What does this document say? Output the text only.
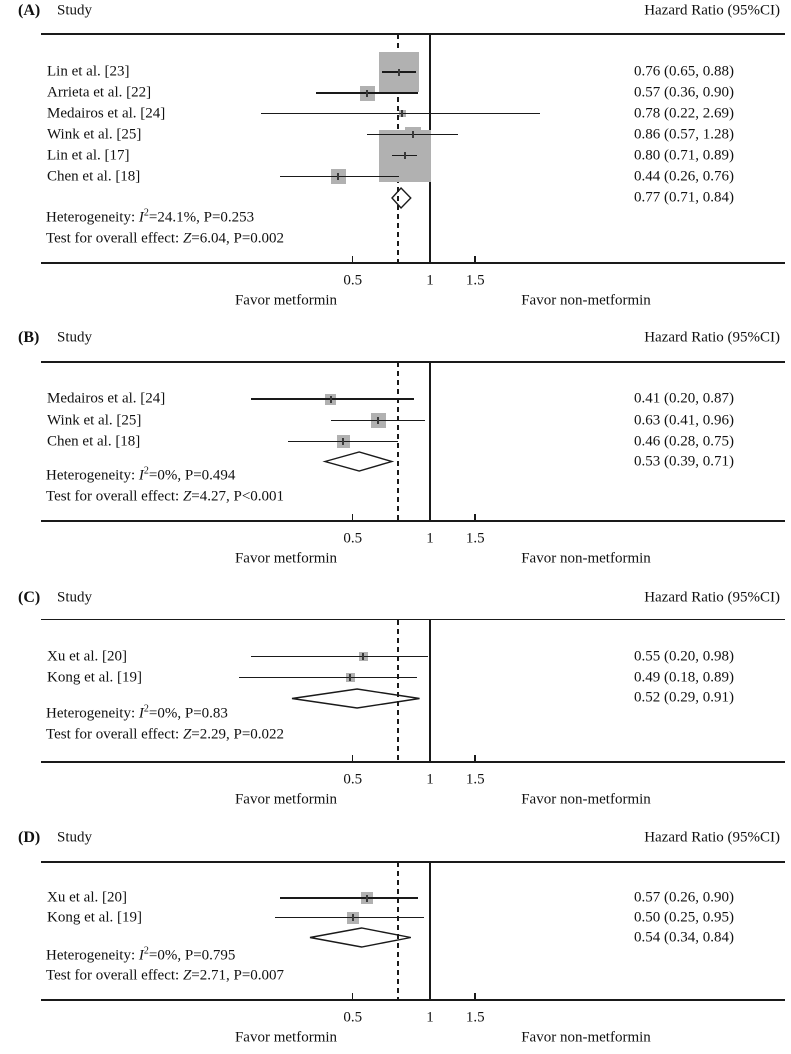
(A) Study	Hazard Ratio (95%CI)
0.5	1 1.5
Favor metformin	Favor non-metformin
Lin et al. [23]	0.76 (0.65, 0.88)
Arrieta et al. [22]	0.57 (0.36, 0.90)
Medairos et al. [24]	0.78 (0.22, 2.69)
Wink et al. [25]	0.86 (0.57, 1.28)
Lin et al. [17]	0.80 (0.71, 0.89)
Chen et al. [18]	0.44 (0.26, 0.76)
0.77 (0.71, 0.84)
Heterogeneity: $I^2=24.1\%$, P=0.253
Test for overall effect: Z=6.04, P=0.002
(B) Study	Hazard Ratio (95%CI)
0.5	1 1.5
Favor metformin	Favor non-metformin
Medairos et al. [24]	0.41 (0.20, 0.87)
Wink et al. [25]	0.63 (0.41, 0.96)
Chen et al. [18]	0.46 (0.28, 0.75)
0.53 (0.39, 0.71)
Heterogeneity: $I^2=0\%$, P=0.494
Test for overall effect: Z=4.27, P<0.001
(C) Study	Hazard Ratio (95%CI)
0.5	1 1.5
Favor metformin	Favor non-metformin
Xu et al. [20]	0.55 (0.20, 0.98)
Kong et al. [19]	0.49 (0.18, 0.89)
0.52 (0.29, 0.91)
Heterogeneity: $I^2=0\%$, P=0.83
Test for overall effect: Z=2.29, P=0.022
(D) Study	Hazard Ratio (95%CI)
0.5	1 1.5
Favor metformin	Favor non-metformin
Xu et al. [20]	0.57 (0.26, 0.90)
Kong et al. [19]	0.50 (0.25, 0.95)
0.54 (0.34, 0.84)
Heterogeneity: $I^2=0\%$, P=0.795
Test for overall effect: Z=2.71, P=0.007
